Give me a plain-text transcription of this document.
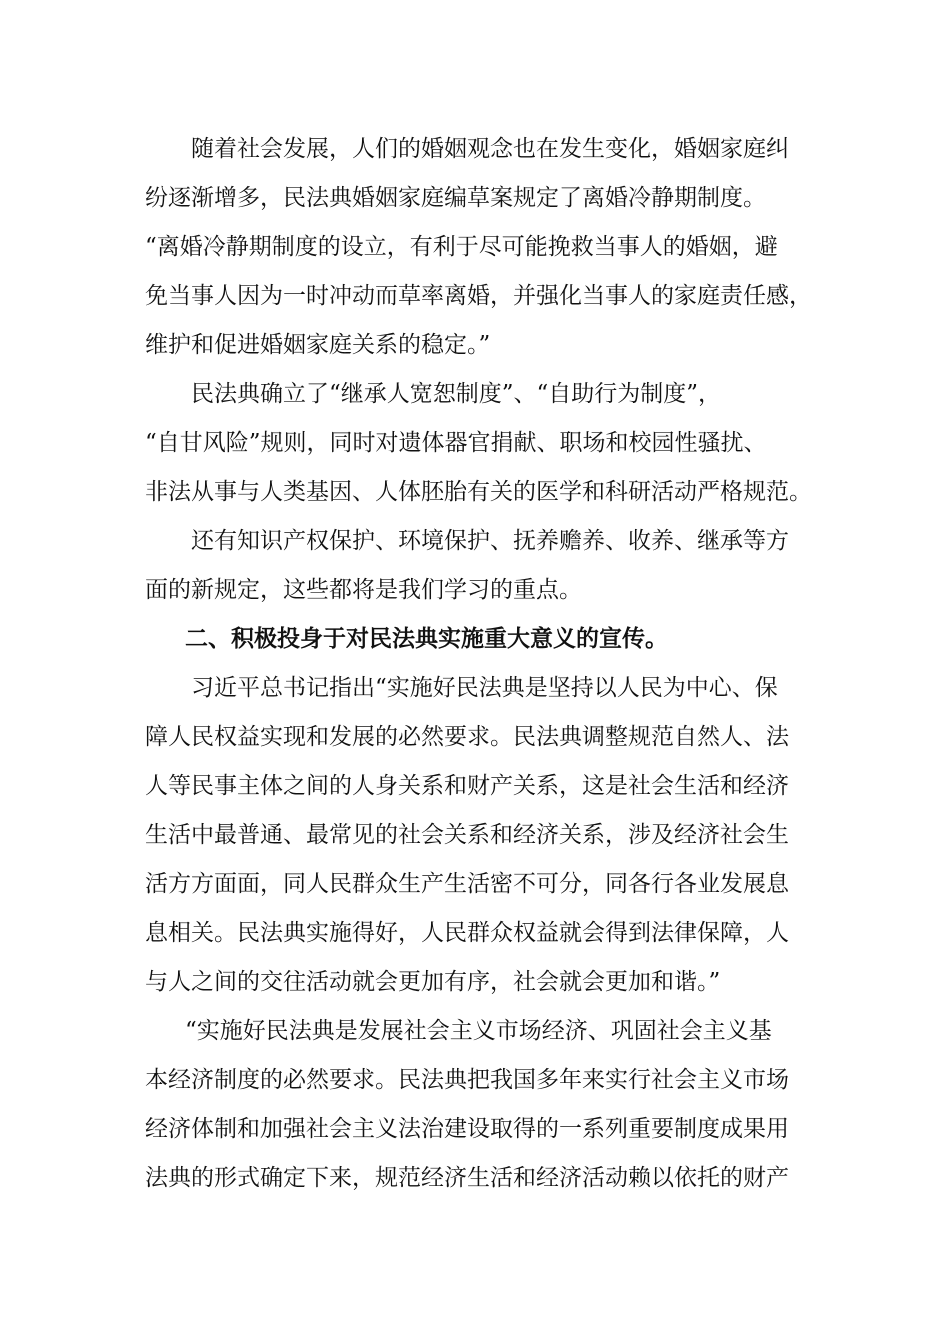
随着社会发展，人们的婚姻观念也在发生变化，婚姻家庭纠
纷逐渐增多，民法典婚姻家庭编草案规定了离婚冷静期制度。
“离婚冷静期制度的设立，有利于尽可能挽救当事人的婚姻，避
免当事人因为一时冲动而草率离婚，并强化当事人的家庭责任感，
维护和促进婚姻家庭关系的稳定。”
民法典确立了“继承人宽恕制度”、“自助行为制度”，
“自甘风险”规则，同时对遗体器官捐献、职场和校园性骚扰、
非法从事与人类基因、人体胚胎有关的医学和科研活动严格规范。
还有知识产权保护、环境保护、抚养赡养、收养、继承等方
面的新规定，这些都将是我们学习的重点。
二、积极投身于对民法典实施重大意义的宣传。
习近平总书记指出“实施好民法典是坚持以人民为中心、保
障人民权益实现和发展的必然要求。民法典调整规范自然人、法
人等民事主体之间的人身关系和财产关系，这是社会生活和经济
生活中最普通、最常见的社会关系和经济关系，涉及经济社会生
活方方面面，同人民群众生产生活密不可分，同各行各业发展息
息相关。民法典实施得好，人民群众权益就会得到法律保障，人
与人之间的交往活动就会更加有序，社会就会更加和谐。”
“实施好民法典是发展社会主义市场经济、巩固社会主义基
本经济制度的必然要求。民法典把我国多年来实行社会主义市场
经济体制和加强社会主义法治建设取得的一系列重要制度成果用
法典的形式确定下来，规范经济生活和经济活动赖以依托的财产
